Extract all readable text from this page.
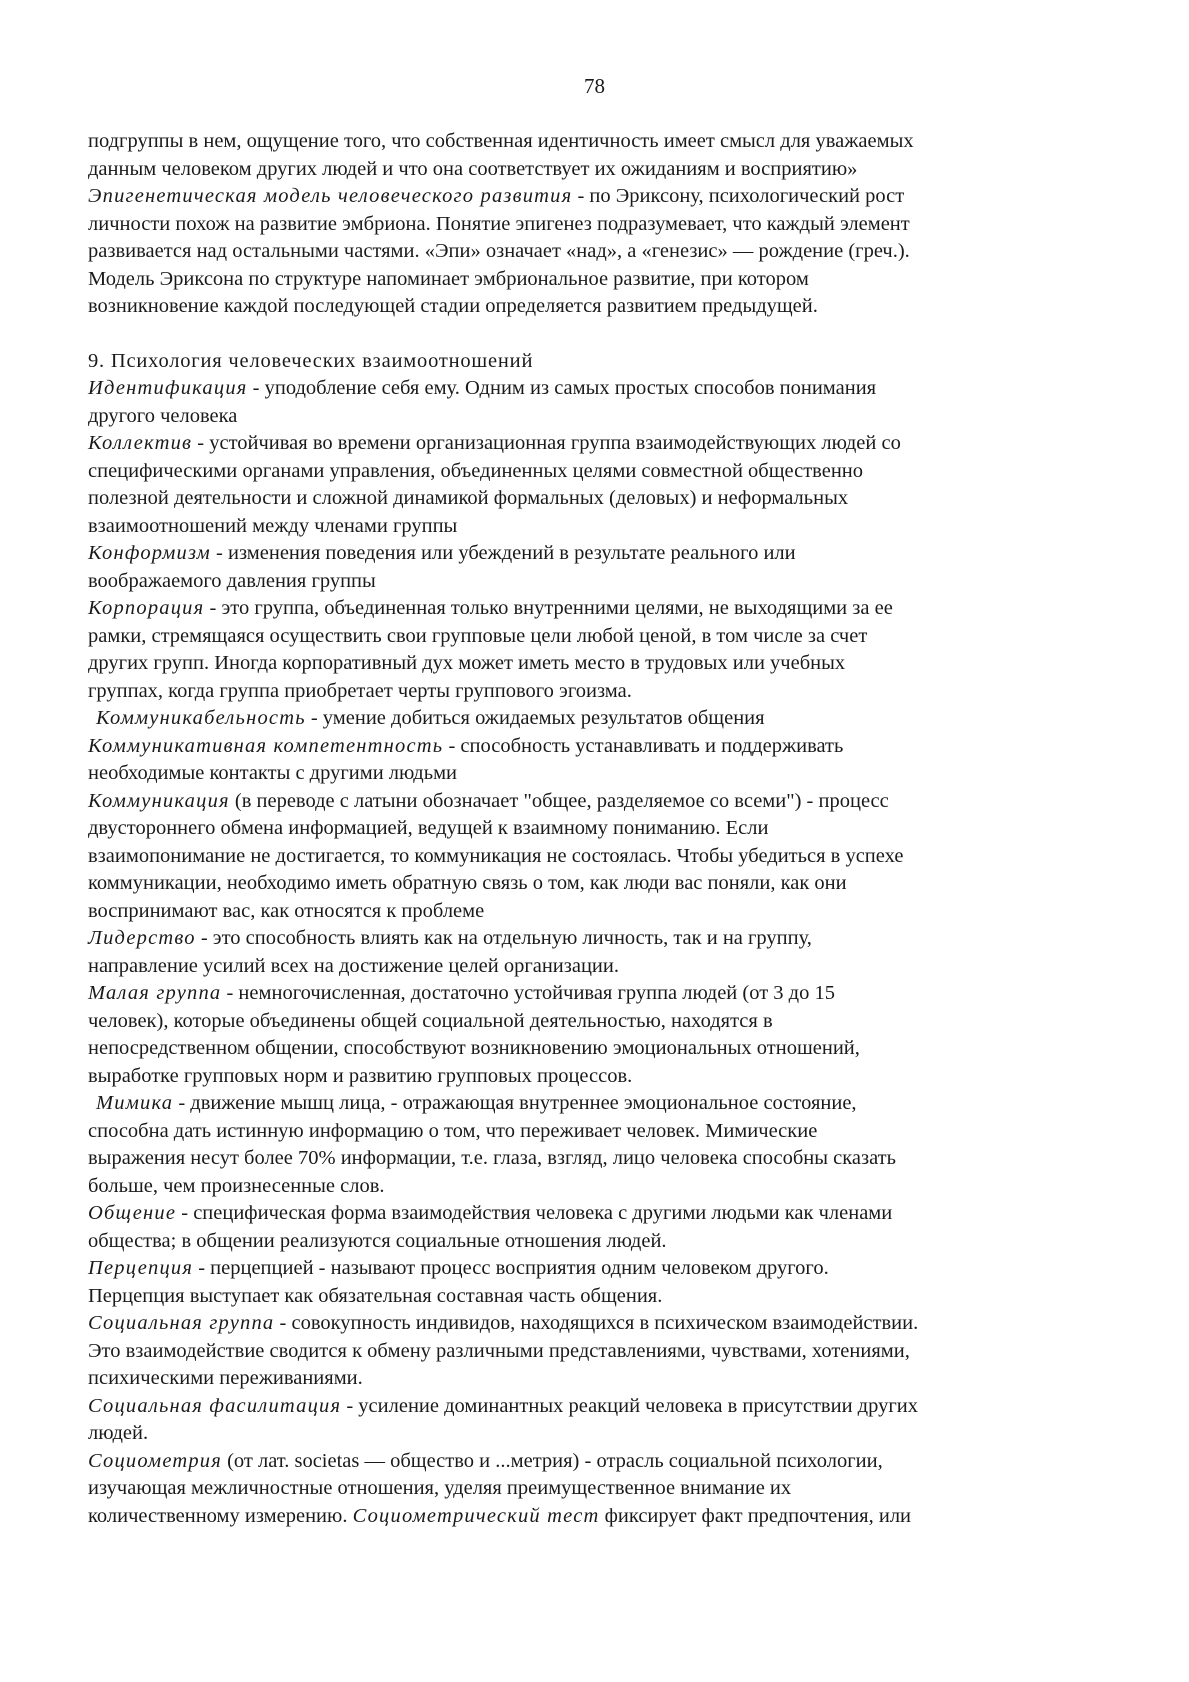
78
подгруппы в нем, ощущение того, что собственная идентичность имеет смысл для уважаемых
данным человеком других людей и что она соответствует их ожиданиям и восприятию»
Эпигенетическая модель человеческого развития - по Эриксону, психологический рост
личности похож на развитие эмбриона. Понятие эпигенез подразумевает, что каждый элемент
развивается над остальными частями. «Эпи» означает «над», а «генезис» — рождение (греч.).
Модель Эриксона по структуре напоминает эмбриональное развитие, при котором
возникновение каждой последующей стадии определяется развитием предыдущей.
9. Психология человеческих взаимоотношений
Идентификация - уподобление себя ему. Одним из самых простых способов понимания
другого человека
Коллектив - устойчивая во времени организационная группа взаимодействующих людей со
специфическими органами управления, объединенных целями совместной общественно
полезной деятельности и сложной динамикой формальных (деловых) и неформальных
взаимоотношений между членами группы
Конформизм - изменения поведения или убеждений в результате реального или
воображаемого давления группы
Корпорация - это группа, объединенная только внутренними целями, не выходящими за ее
рамки, стремящаяся осуществить свои групповые цели любой ценой, в том числе за счет
других групп. Иногда корпоративный дух может иметь место в трудовых или учебных
группах, когда группа приобретает черты группового эгоизма.
Коммуникабельность - умение добиться ожидаемых результатов общения
Коммуникативная компетентность - способность устанавливать и поддерживать
необходимые контакты с другими людьми
Коммуникация (в переводе с латыни обозначает "общее, разделяемое со всеми") - процесс
двустороннего обмена информацией, ведущей к взаимному пониманию. Если
взаимопонимание не достигается, то коммуникация не состоялась. Чтобы убедиться в успехе
коммуникации, необходимо иметь обратную связь о том, как люди вас поняли, как они
воспринимают вас, как относятся к проблеме
Лидерство - это способность влиять как на отдельную личность, так и на группу,
направление усилий всех на достижение целей организации.
Малая группа - немногочисленная, достаточно устойчивая группа людей (от 3 до 15
человек), которые объединены общей социальной деятельностью, находятся в
непосредственном общении, способствуют возникновению эмоциональных отношений,
выработке групповых норм и развитию групповых процессов.
Мимика - движение мышц лица, - отражающая внутреннее эмоциональное состояние,
способна дать истинную информацию о том, что переживает человек. Мимические
выражения несут более 70% информации, т.е. глаза, взгляд, лицо человека способны сказать
больше, чем произнесенные слов.
Общение - специфическая форма взаимодействия человека с другими людьми как членами
общества; в общении реализуются социальные отношения людей.
Перцепция - перцепцией - называют процесс восприятия одним человеком другого.
Перцепция выступает как обязательная составная часть общения.
Социальная группа - совокупность индивидов, находящихся в психическом взаимодействии.
Это взаимодействие сводится к обмену различными представлениями, чувствами, хотениями,
психическими переживаниями.
Социальная фасилитация - усиление доминантных реакций человека в присутствии других
людей.
Социометрия (от лат. societas — общество и ...метрия) - отрасль социальной психологии,
изучающая межличностные отношения, уделяя преимущественное внимание их
количественному измерению. Социометрический тест фиксирует факт предпочтения, или
